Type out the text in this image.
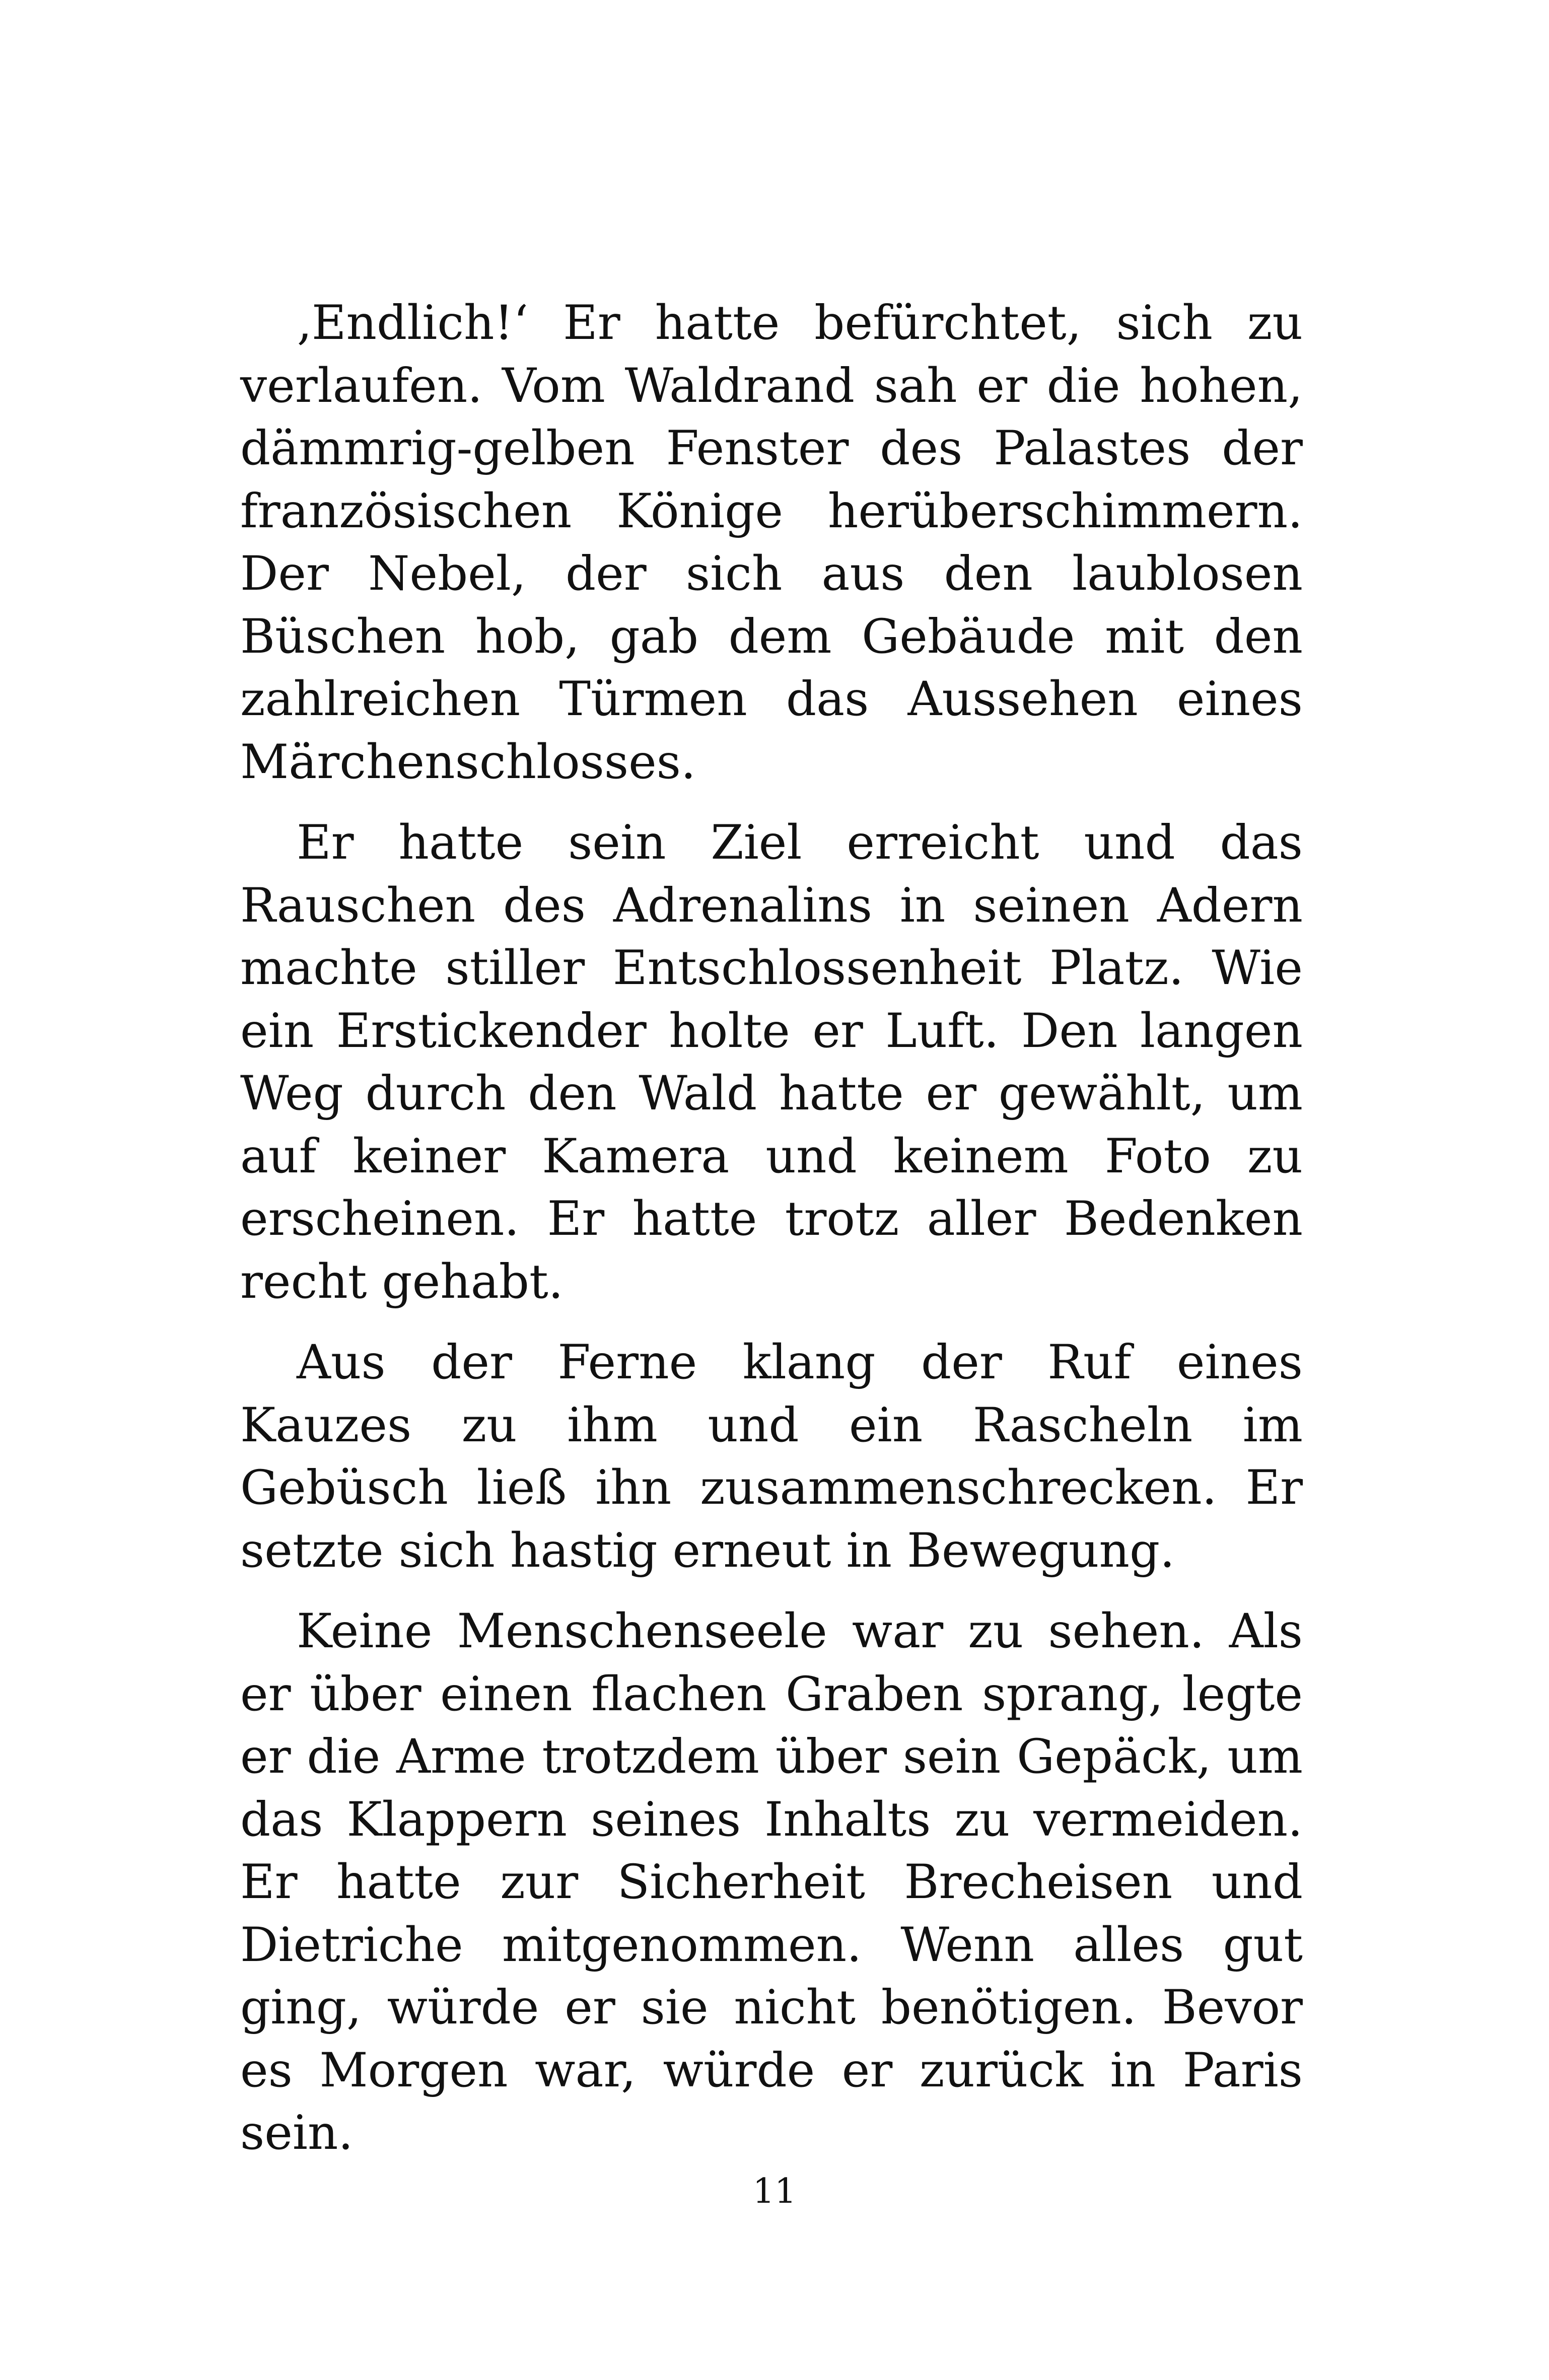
‚Endlich!‘ Er hatte befürchtet, sich zu verlaufen. Vom Waldrand sah er die hohen, dämmrig-gelben Fenster des Palastes der französischen Könige herüberschimmern. Der Nebel, der sich aus den laublosen Büschen hob, gab dem Gebäude mit den zahlreichen Türmen das Aussehen eines Märchenschlosses.

Er hatte sein Ziel erreicht und das Rauschen des Adrenalins in seinen Adern machte stiller Entschlossenheit Platz. Wie ein Erstickender holte er Luft. Den langen Weg durch den Wald hatte er gewählt, um auf keiner Kamera und keinem Foto zu erscheinen. Er hatte trotz aller Bedenken recht gehabt.

Aus der Ferne klang der Ruf eines Kauzes zu ihm und ein Rascheln im Gebüsch ließ ihn zusammenschrecken. Er setzte sich hastig erneut in Bewegung.

Keine Menschenseele war zu sehen. Als er über einen flachen Graben sprang, legte er die Arme trotzdem über sein Gepäck, um das Klappern seines Inhalts zu vermeiden. Er hatte zur Sicherheit Brecheisen und Dietriche mitgenommen. Wenn alles gut ging, würde er sie nicht benötigen. Bevor es Morgen war, würde er zurück in Paris sein.

11
